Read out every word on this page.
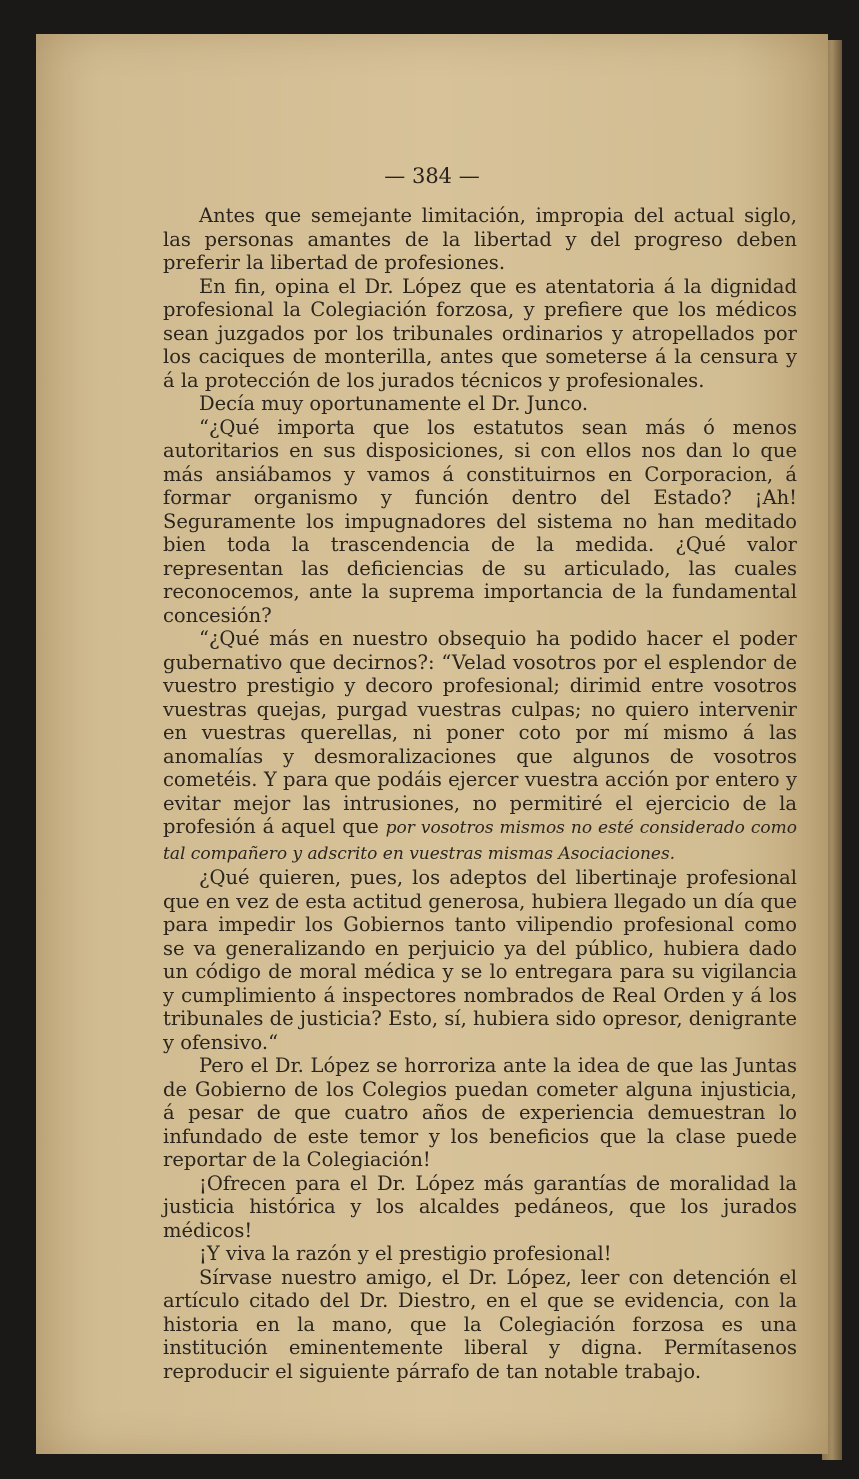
— 384 —

Antes que semejante limitación, impropia del actual siglo, las personas amantes de la libertad y del progreso deben preferir la libertad de profesiones.

En fin, opina el Dr. López que es atentatoria á la dignidad profesional la Colegiación forzosa, y prefiere que los médicos sean juzgados por los tribunales ordinarios y atropellados por los caciques de monterilla, antes que someterse á la censura y á la protección de los jurados técnicos y profesionales.

Decía muy oportunamente el Dr. Junco.

“¿Qué importa que los estatutos sean más ó menos autoritarios en sus disposiciones, si con ellos nos dan lo que más ansiábamos y vamos á constituirnos en Corporacion, á formar organismo y función dentro del Estado? ¡Ah! Seguramente los impugnadores del sistema no han meditado bien toda la trascendencia de la medida. ¿Qué valor representan las deficiencias de su articulado, las cuales reconocemos, ante la suprema importancia de la fundamental concesión?

“¿Qué más en nuestro obsequio ha podido hacer el poder gubernativo que decirnos?: “Velad vosotros por el esplendor de vuestro prestigio y decoro profesional; dirimid entre vosotros vuestras quejas, purgad vuestras culpas; no quiero intervenir en vuestras querellas, ni poner coto por mí mismo á las anomalías y desmoralizaciones que algunos de vosotros cometéis. Y para que podáis ejercer vuestra acción por entero y evitar mejor las intrusiones, no permitiré el ejercicio de la profesión á aquel que por vosotros mismos no esté considerado como tal compañero y adscrito en vuestras mismas Asociaciones.

¿Qué quieren, pues, los adeptos del libertinaje profesional que en vez de esta actitud generosa, hubiera llegado un día que para impedir los Gobiernos tanto vilipendio profesional como se va generalizando en perjuicio ya del público, hubiera dado un código de moral médica y se lo entregara para su vigilancia y cumplimiento á inspectores nombrados de Real Orden y á los tribunales de justicia? Esto, sí, hubiera sido opresor, denigrante y ofensivo.“

Pero el Dr. López se horroriza ante la idea de que las Juntas de Gobierno de los Colegios puedan cometer alguna injusticia, á pesar de que cuatro años de experiencia demuestran lo infundado de este temor y los beneficios que la clase puede reportar de la Colegiación!

¡Ofrecen para el Dr. López más garantías de moralidad la justicia histórica y los alcaldes pedáneos, que los jurados médicos!

¡Y viva la razón y el prestigio profesional!

Sírvase nuestro amigo, el Dr. López, leer con detención el artículo citado del Dr. Diestro, en el que se evidencia, con la historia en la mano, que la Colegiación forzosa es una institución eminentemente liberal y digna. Permítasenos reproducir el siguiente párrafo de tan notable trabajo.
